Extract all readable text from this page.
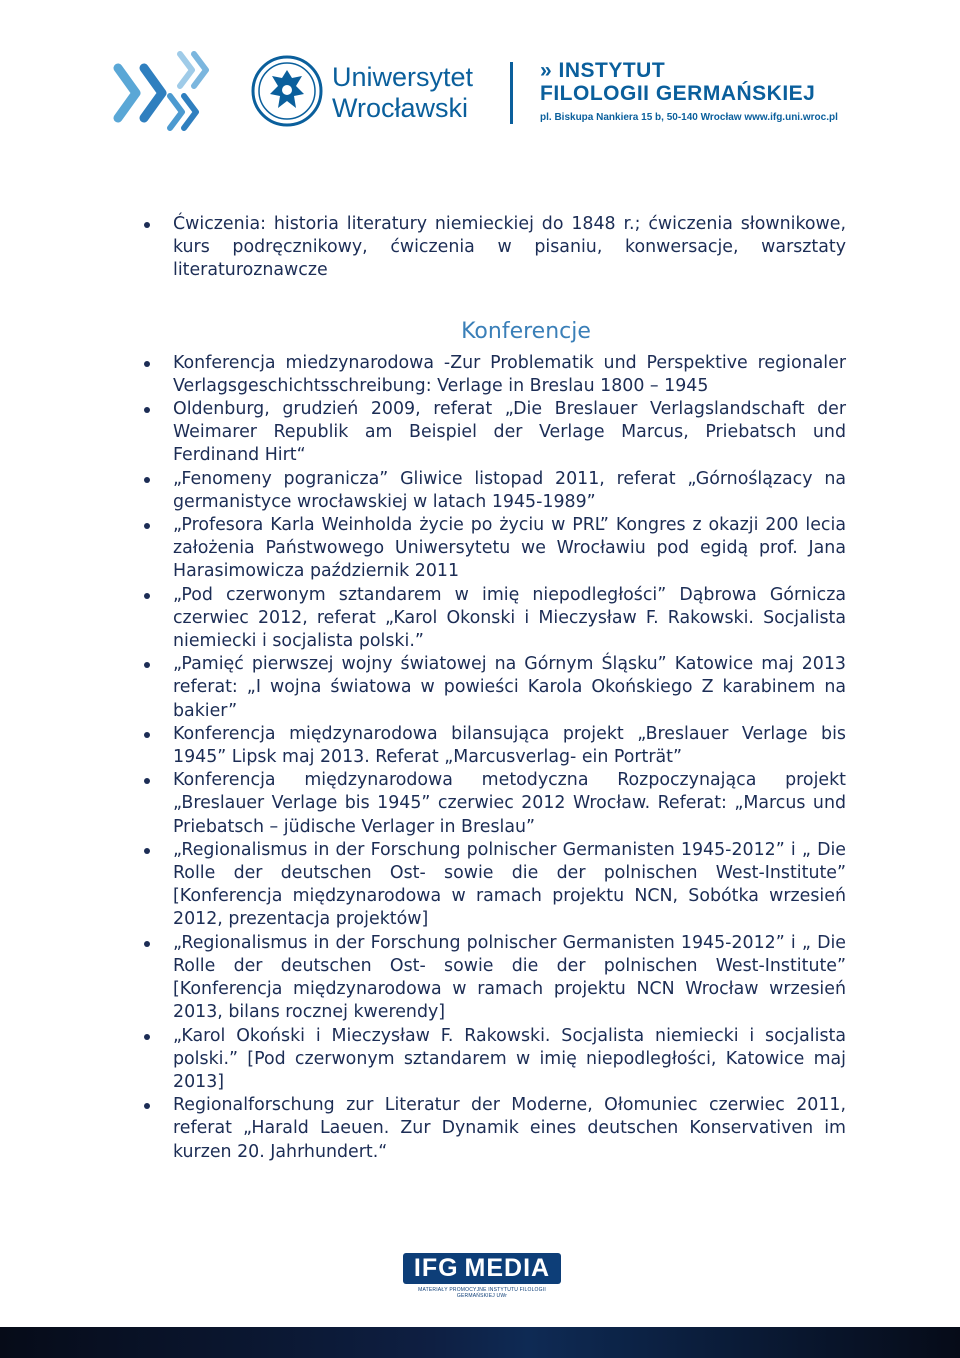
Uniwersytet
Wrocławski
» INSTYTUT
FILOLOGII GERMAŃSKIEJ
pl. Biskupa Nankiera 15 b, 50-140 Wrocław www.ifg.uni.wroc.pl
Ćwiczenia: historia literatury niemieckiej do 1848 r.; ćwiczenia słownikowe, kurs podręcznikowy, ćwiczenia w pisaniu, konwersacje, warsztaty literaturoznawcze
Konferencje
Konferencja miedzynarodowa -Zur Problematik und Perspektive regionaler Verlagsgeschichtsschreibung: Verlage in Breslau 1800 – 1945
Oldenburg, grudzień 2009, referat „Die Breslauer Verlagslandschaft der Weimarer Republik am Beispiel der Verlage Marcus, Priebatsch und Ferdinand Hirt“
„Fenomeny pogranicza” Gliwice listopad 2011, referat „Górnoślązacy na germanistyce wrocławskiej w latach 1945-1989”
„Profesora Karla Weinholda życie po życiu w PRL” Kongres z okazji 200 lecia założenia Państwowego Uniwersytetu we Wrocławiu pod egidą prof. Jana Harasimowicza październik 2011
„Pod czerwonym sztandarem w imię niepodległości” Dąbrowa Górnicza czerwiec 2012, referat „Karol Okonski i Mieczysław F. Rakowski. Socjalista niemiecki i socjalista polski.”
„Pamięć pierwszej wojny światowej na Górnym Śląsku” Katowice maj 2013 referat: „I wojna światowa w powieści Karola Okońskiego Z karabinem na bakier”
Konferencja międzynarodowa bilansująca projekt „Breslauer Verlage bis 1945” Lipsk maj 2013. Referat „Marcusverlag- ein Porträt”
Konferencja międzynarodowa metodyczna Rozpoczynająca projekt „Breslauer Verlage bis 1945” czerwiec 2012 Wrocław. Referat: „Marcus und Priebatsch – jüdische Verlager in Breslau”
„Regionalismus in der Forschung polnischer Germanisten 1945-2012” i „ Die Rolle der deutschen Ost- sowie die der polnischen West-Institute” [Konferencja międzynarodowa w ramach projektu NCN, Sobótka wrzesień 2012, prezentacja projektów]
„Regionalismus in der Forschung polnischer Germanisten 1945-2012” i „ Die Rolle der deutschen Ost- sowie die der polnischen West-Institute” [Konferencja międzynarodowa w ramach projektu NCN Wrocław wrzesień 2013, bilans rocznej kwerendy]
„Karol Okoński i Mieczysław F. Rakowski. Socjalista niemiecki i socjalista polski.” [Pod czerwonym sztandarem w imię niepodległości, Katowice maj 2013]
Regionalforschung zur Literatur der Moderne, Ołomuniec czerwiec 2011, referat „Harald Laeuen. Zur Dynamik eines deutschen Konservativen im kurzen 20. Jahrhundert.“
IFG MEDIA
MATERIAŁY PROMOCYJNE INSTYTUTU FILOLOGII GERMAŃSKIEJ UWr
